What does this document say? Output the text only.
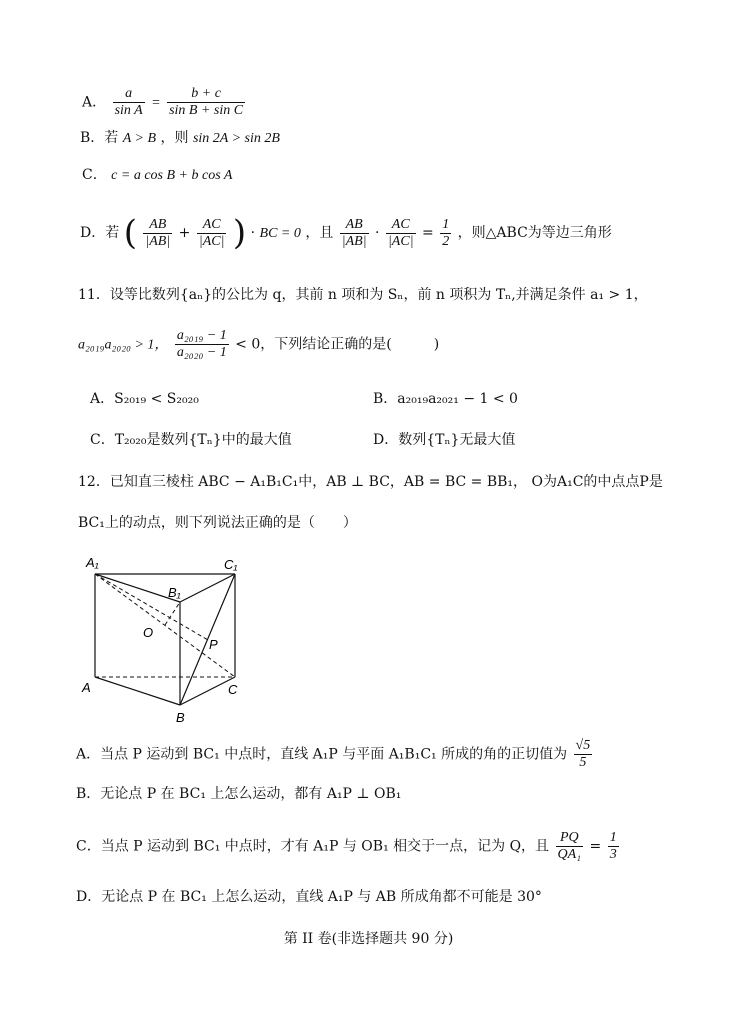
A． $\frac{a}{\text{sin A}} = \frac{b + c}{\text{sin B + sin C}}$
B．若 A > B ，则 sin 2A > sin 2B
C． c = a cos B + b cos A
D．若 ( $\frac{AB}{|AB|} + \frac{AC}{|AC|}$ ) · BC = 0 ，且 $\frac{AB}{|AB|} \cdot \frac{AC}{|AC|} = \frac{1}{2}$ ，则△ABC为等边三角形
11．设等比数列{aₙ}的公比为 q，其前 n 项和为 Sₙ，前 n 项积为 Tₙ,并满足条件 a₁ > 1，
a₂₀₁₉a₂₀₂₀ > 1， $\frac{\text{a₂₀₁₉ − 1}}{\text{a₂₀₂₀ − 1}} < 0$，下列结论正确的是(　　　)
A．S₂₀₁₉ < S₂₀₂₀	B．a₂₀₁₉a₂₀₂₁ − 1 < 0
C．T₂₀₂₀是数列{Tₙ}中的最大值	D．数列{Tₙ}无最大值
12．已知直三棱柱 ABC − A₁B₁C₁中，AB ⊥ BC，AB = BC = BB₁， O为A₁C的中点点P是
BC₁上的动点，则下列说法正确的是（　　）
A₁
B₁
C₁
A
B
C
O
P
A．当点 P 运动到 BC₁ 中点时，直线 A₁P 与平面 A₁B₁C₁ 所成的角的正切值为 $\frac{√5}{5}$
B．无论点 P 在 BC₁ 上怎么运动，都有 A₁P ⊥ OB₁
C．当点 P 运动到 BC₁ 中点时，才有 A₁P 与 OB₁ 相交于一点，记为 Q，且 $\frac{PQ}{\text{QA₁}} = \frac{1}{3}$
D．无论点 P 在 BC₁ 上怎么运动，直线 A₁P 与 AB 所成角都不可能是 30°
第 II 卷(非选择题共 90 分)
